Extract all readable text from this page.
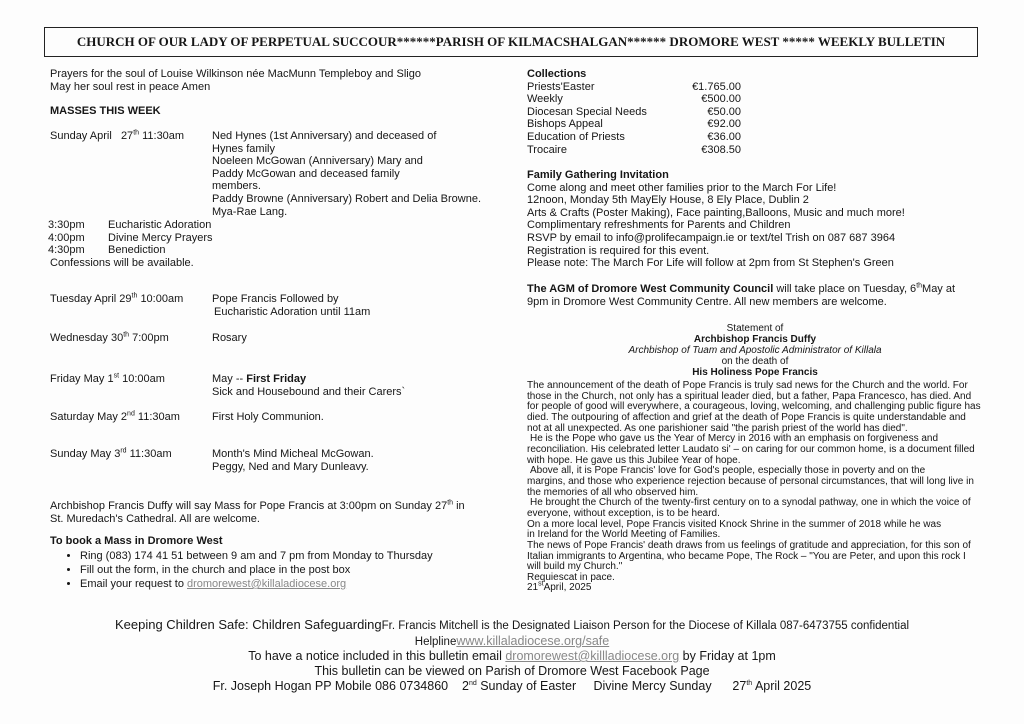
CHURCH OF OUR LADY OF PERPETUAL SUCCOUR******PARISH OF KILMACSHALGAN****** DROMORE WEST ***** WEEKLY BULLETIN
Prayers for the soul of Louise Wilkinson née MacMunn Templeboy and Sligo
May her soul rest in peace Amen
MASSES THIS WEEK
Sunday April 27th 11:30am	Ned Hynes (1st Anniversary) and deceased of
Hynes family
Noeleen McGowan (Anniversary) Mary and
Paddy McGowan and deceased family
members.
Paddy Browne (Anniversary) Robert and Delia Browne.
Mya-Rae Lang.
3:30pm Eucharistic Adoration
4:00pm Divine Mercy Prayers
4:30pm Benediction
Confessions will be available.
Tuesday April 29th 10:00am	Pope Francis Followed by
Eucharistic Adoration until 11am
Wednesday 30th 7:00pm	Rosary
Friday May 1st 10:00am	May -- First Friday
Sick and Housebound and their Carers`
Saturday May 2nd 11:30am	First Holy Communion.
Sunday May 3rd 11:30am	Month's Mind Micheal McGowan.
Peggy, Ned and Mary Dunleavy.
Archbishop Francis Duffy will say Mass for Pope Francis at 3:00pm on Sunday 27th in
St. Muredach's Cathedral. All are welcome.
To book a Mass in Dromore West
• Ring (083) 174 41 51 between 9 am and 7 pm from Monday to Thursday
• Fill out the form, in the church and place in the post box
• Email your request to dromorewest@killaladiocese.org
Collections
Priests'Easter	€1.765.00
Weekly	€500.00
Diocesan Special Needs	€50.00
Bishops Appeal	€92.00
Education of Priests	€36.00
Trocaire	€308.50
Family Gathering Invitation
Come along and meet other families prior to the March For Life!
12noon, Monday 5th MayEly House, 8 Ely Place, Dublin 2
Arts & Crafts (Poster Making), Face painting,Balloons, Music and much more!
Complimentary refreshments for Parents and Children
RSVP by email to info@prolifecampaign.ie or text/tel Trish on 087 687 3964
Registration is required for this event.
Please note: The March For Life will follow at 2pm from St Stephen's Green
The AGM of Dromore West Community Council will take place on Tuesday, 6thMay at
9pm in Dromore West Community Centre. All new members are welcome.
Statement of
Archbishop Francis Duffy
Archbishop of Tuam and Apostolic Administrator of Killala
on the death of
His Holiness Pope Francis
The announcement of the death of Pope Francis is truly sad news for the Church and the world. For
those in the Church, not only has a spiritual leader died, but a father, Papa Francesco, has died. And
for people of good will everywhere, a courageous, loving, welcoming, and challenging public figure has
died. The outpouring of affection and grief at the death of Pope Francis is quite understandable and
not at all unexpected. As one parishioner said "the parish priest of the world has died".
He is the Pope who gave us the Year of Mercy in 2016 with an emphasis on forgiveness and
reconciliation. His celebrated letter Laudato si' – on caring for our common home, is a document filled
with hope. He gave us this Jubilee Year of hope.
Above all, it is Pope Francis' love for God's people, especially those in poverty and on the
margins, and those who experience rejection because of personal circumstances, that will long live in
the memories of all who observed him.
He brought the Church of the twenty-first century on to a synodal pathway, one in which the voice of
everyone, without exception, is to be heard.
On a more local level, Pope Francis visited Knock Shrine in the summer of 2018 while he was
in Ireland for the World Meeting of Families.
The news of Pope Francis' death draws from us feelings of gratitude and appreciation, for this son of
Italian immigrants to Argentina, who became Pope, The Rock – "You are Peter, and upon this rock I
will build my Church."
Requiescat in pace.
21stApril, 2025
Keeping Children Safe: Children SafeguardingFr. Francis Mitchell is the Designated Liaison Person for the Diocese of Killala 087-6473755 confidential
Helplinewww.killaladiocese.org/safe
To have a notice included in this bulletin email dromorewest@killladiocese.org by Friday at 1pm
This bulletin can be viewed on Parish of Dromore West Facebook Page
Fr. Joseph Hogan PP Mobile 086 0734860    2nd Sunday of Easter     Divine Mercy Sunday      27th April 2025
